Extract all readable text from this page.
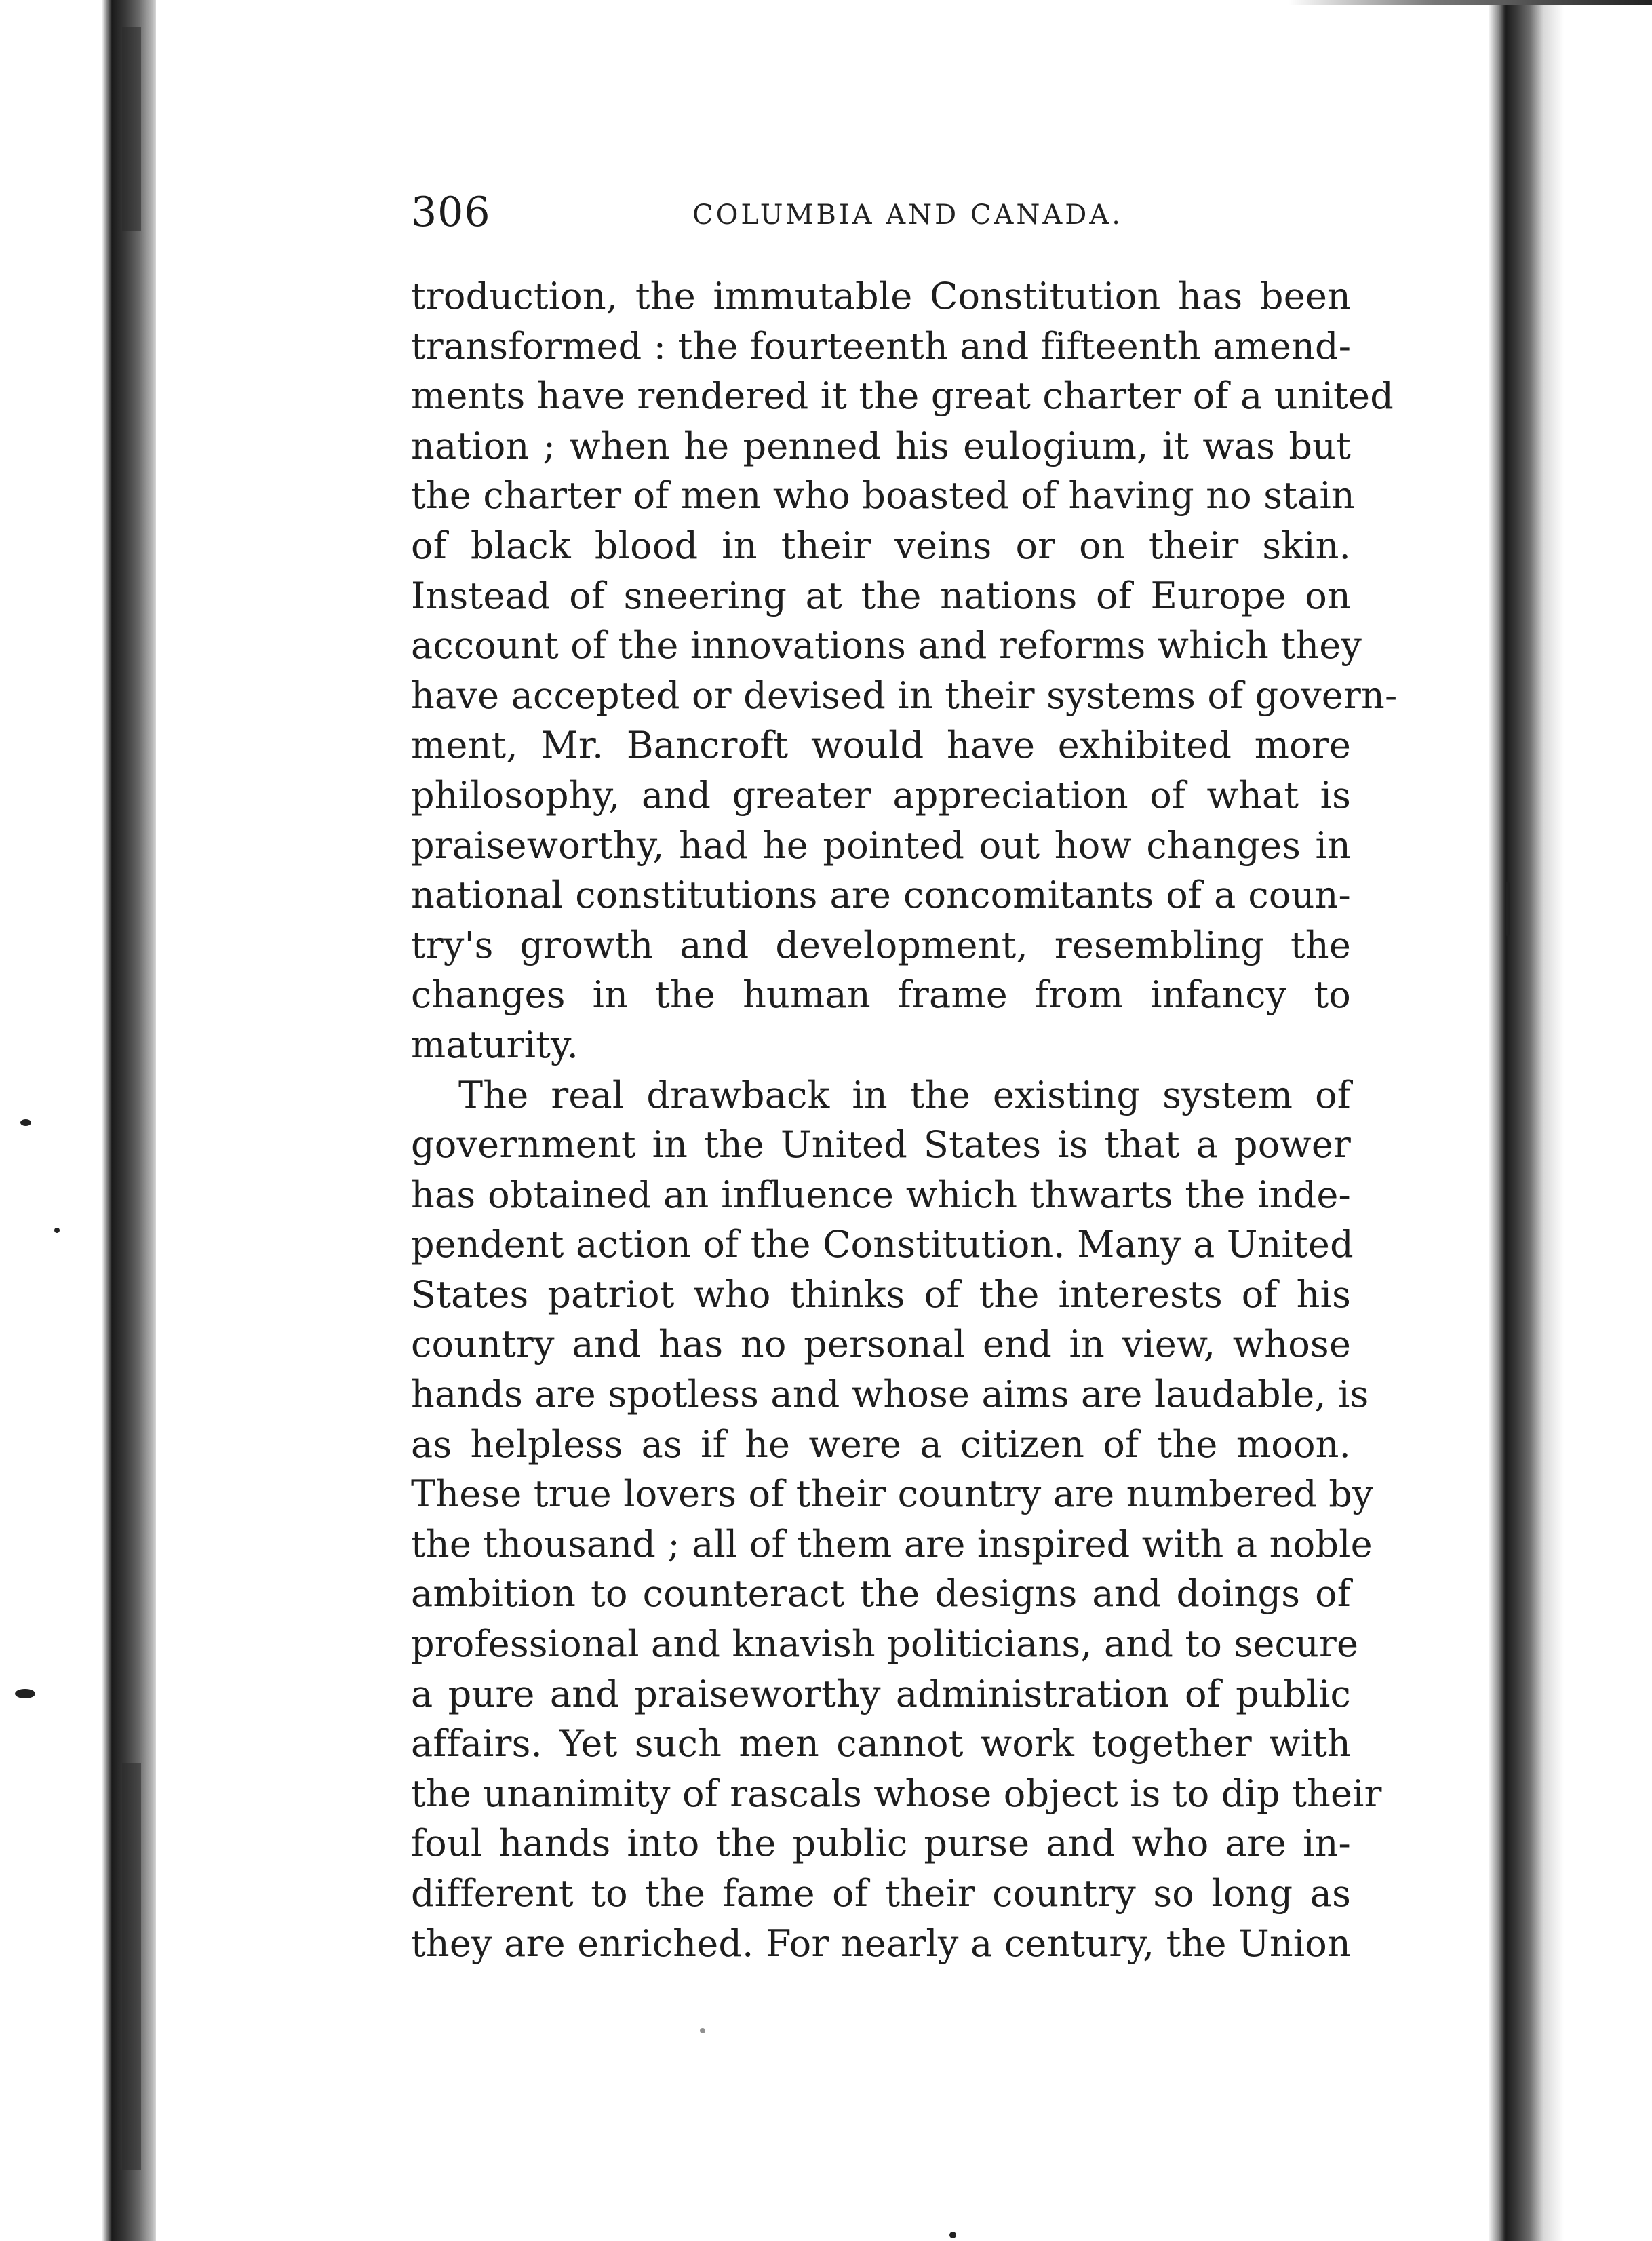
306	COLUMBIA AND CANADA.
troduction, the immutable Constitution has been
transformed : the fourteenth and fifteenth amend-
ments have rendered it the great charter of a united
nation ; when he penned his eulogium, it was but
the charter of men who boasted of having no stain
of black blood in their veins or on their skin.
Instead of sneering at the nations of Europe on
account of the innovations and reforms which they
have accepted or devised in their systems of govern-
ment, Mr. Bancroft would have exhibited more
philosophy, and greater appreciation of what is
praiseworthy, had he pointed out how changes in
national constitutions are concomitants of a coun-
try's growth and development, resembling the
changes in the human frame from infancy to
maturity.
The real drawback in the existing system of
government in the United States is that a power
has obtained an influence which thwarts the inde-
pendent action of the Constitution. Many a United
States patriot who thinks of the interests of his
country and has no personal end in view, whose
hands are spotless and whose aims are laudable, is
as helpless as if he were a citizen of the moon.
These true lovers of their country are numbered by
the thousand ; all of them are inspired with a noble
ambition to counteract the designs and doings of
professional and knavish politicians, and to secure
a pure and praiseworthy administration of public
affairs. Yet such men cannot work together with
the unanimity of rascals whose object is to dip their
foul hands into the public purse and who are in-
different to the fame of their country so long as
they are enriched. For nearly a century, the Union
